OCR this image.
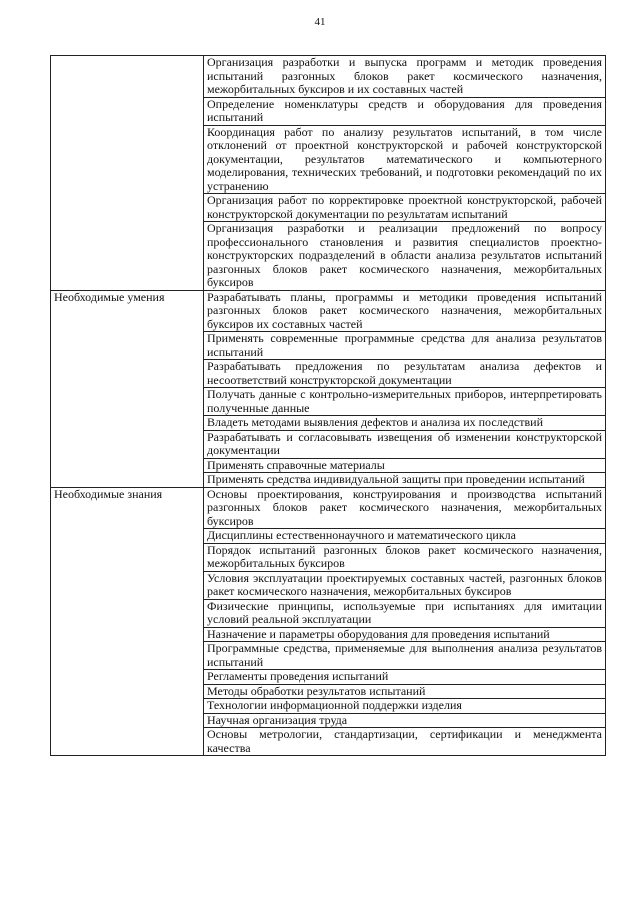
41
	Организация разработки и выпуска программ и методик проведения испытаний разгонных блоков ракет космического назначения, межорбитальных буксиров и их составных частей
	Определение номенклатуры средств и оборудования для проведения испытаний
	Координация работ по анализу результатов испытаний, в том числе отклонений от проектной конструкторской и рабочей конструкторской документации, результатов математического и компьютерного моделирования, технических требований, и подготовки рекомендаций по их устранению
	Организация работ по корректировке проектной конструкторской, рабочей конструкторской документации по результатам испытаний
	Организация разработки и реализации предложений по вопросу профессионального становления и развития специалистов проектно-конструкторских подразделений в области анализа результатов испытаний разгонных блоков ракет космического назначения, межорбитальных буксиров
Необходимые умения	Разрабатывать планы, программы и методики проведения испытаний разгонных блоков ракет космического назначения, межорбитальных буксиров их составных частей
	Применять современные программные средства для анализа результатов испытаний
	Разрабатывать предложения по результатам анализа дефектов и несоответствий конструкторской документации
	Получать данные с контрольно-измерительных приборов, интерпретировать полученные данные
	Владеть методами выявления дефектов и анализа их последствий
	Разрабатывать и согласовывать извещения об изменении конструкторской документации
	Применять справочные материалы
	Применять средства индивидуальной защиты при проведении испытаний
Необходимые знания	Основы проектирования, конструирования и производства испытаний разгонных блоков ракет космического назначения, межорбитальных буксиров
	Дисциплины естественнонаучного и математического цикла
	Порядок испытаний разгонных блоков ракет космического назначения, межорбитальных буксиров
	Условия эксплуатации проектируемых составных частей, разгонных блоков ракет космического назначения, межорбитальных буксиров
	Физические принципы, используемые при испытаниях для имитации условий реальной эксплуатации
	Назначение и параметры оборудования для проведения испытаний
	Программные средства, применяемые для выполнения анализа результатов испытаний
	Регламенты проведения испытаний
	Методы обработки результатов испытаний
	Технологии информационной поддержки изделия
	Научная организация труда
	Основы метрологии, стандартизации, сертификации и менеджмента качества
